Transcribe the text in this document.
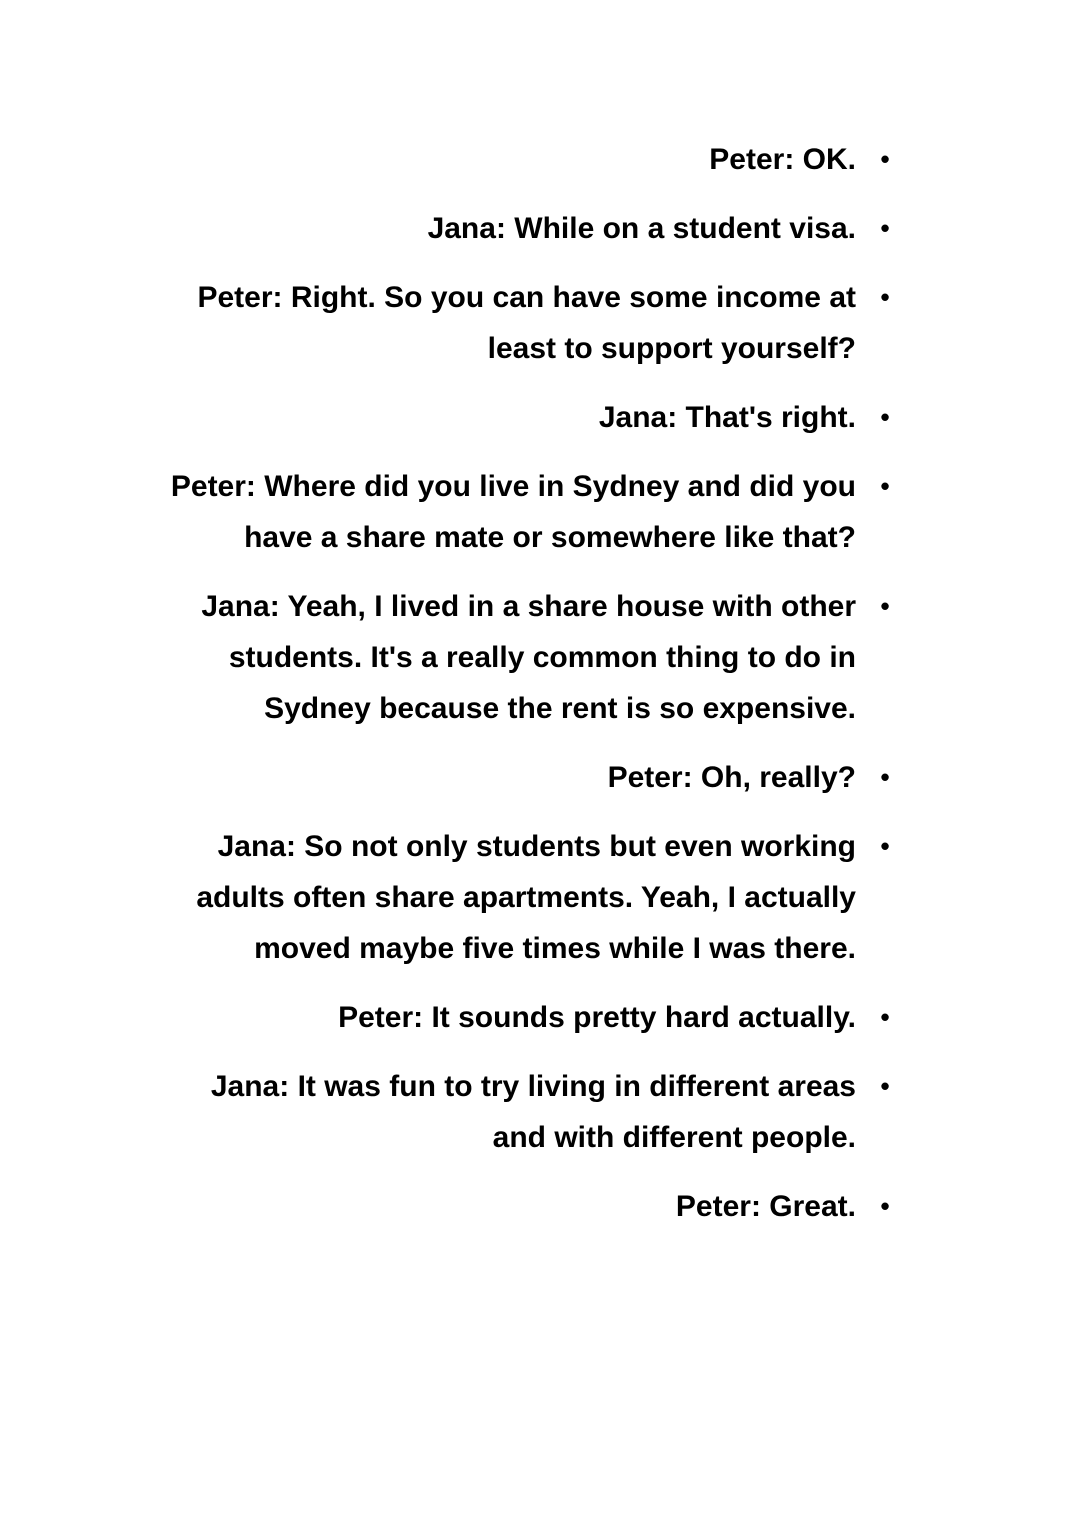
Peter: OK. •
Jana: While on a student visa. •
Peter: Right. So you can have some income at least to support yourself?
•
Jana: That's right. •
Peter: Where did you live in Sydney and did you have a share mate or somewhere like that?
•
Jana: Yeah, I lived in a share house with other students. It's a really common thing to do in Sydney because the rent is so expensive.
•
Peter: Oh, really? •
Jana: So not only students but even working adults often share apartments. Yeah, I actually moved maybe five times while I was there.
•
Peter: It sounds pretty hard actually. •
Jana: It was fun to try living in different areas and with different people.
•
Peter: Great. •
